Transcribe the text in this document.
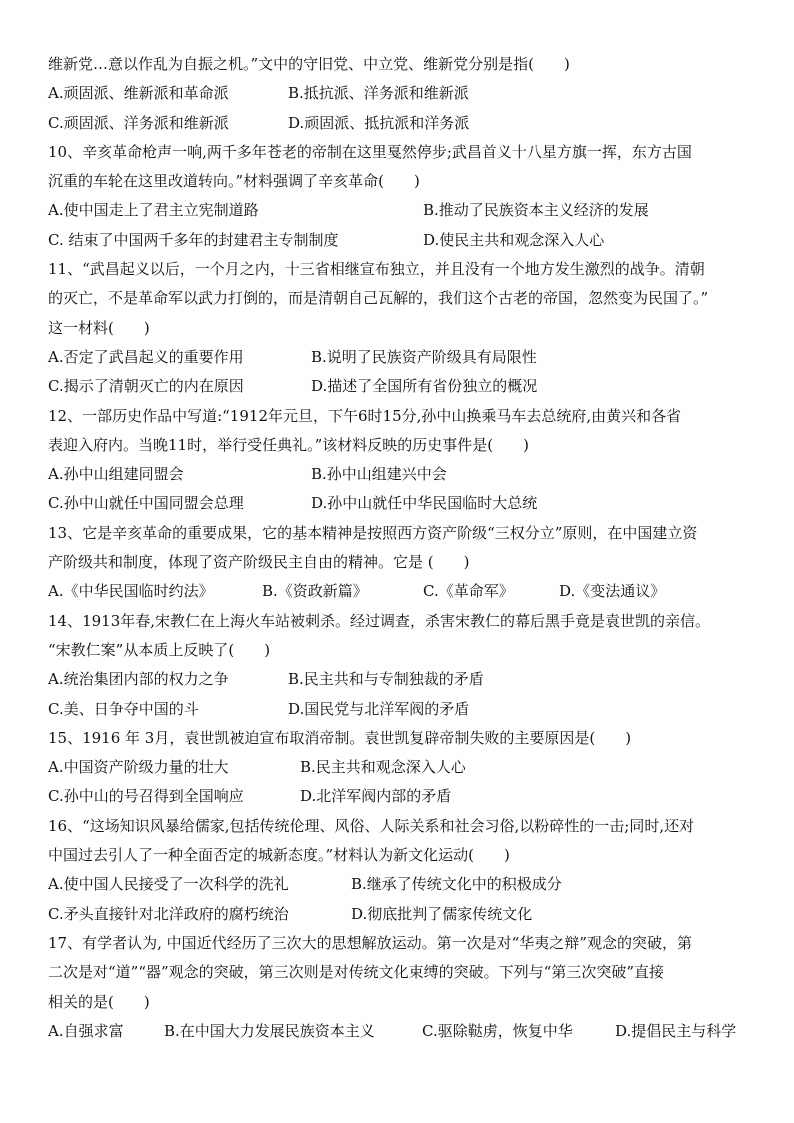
维新党…意以作乱为自振之机。”文中的守旧党、中立党、维新党分别是指(　　)
A.顽固派、维新派和革命派	B.抵抗派、洋务派和维新派
C.顽固派、洋务派和维新派	D.顽固派、抵抗派和洋务派
10、辛亥革命枪声一响,两千多年苍老的帝制在这里戛然停步;武昌首义十八星方旗一挥，东方古国
沉重的车轮在这里改道转向。”材料强调了辛亥革命(　　)
A.使中国走上了君主立宪制道路	B.推动了民族资本主义经济的发展
C. 结束了中国两千多年的封建君主专制制度	D.使民主共和观念深入人心
11、“武昌起义以后，一个月之内，十三省相继宣布独立，并且没有一个地方发生激烈的战争。清朝
的灭亡，不是革命军以武力打倒的，而是清朝自己瓦解的，我们这个古老的帝国，忽然变为民国了。”
这一材料(　　)
A.否定了武昌起义的重要作用	B.说明了民族资产阶级具有局限性
C.揭示了清朝灭亡的内在原因	D.描述了全国所有省份独立的概况
12、一部历史作品中写道:“1912年元旦，下午6时15分,孙中山换乘马车去总统府,由黄兴和各省
表迎入府内。当晚11时，举行受任典礼。”该材料反映的历史事件是(　　)
A.孙中山组建同盟会	B.孙中山组建兴中会
C.孙中山就任中国同盟会总理	D.孙中山就任中华民国临时大总统
13、它是辛亥革命的重要成果，它的基本精神是按照西方资产阶级“三权分立”原则，在中国建立资
产阶级共和制度，体现了资产阶级民主自由的精神。它是 (　　)
A.《中华民国临时约法》	B.《资政新篇》	C.《革命军》	D.《变法通议》
14、1913年春,宋教仁在上海火车站被刺杀。经过调查，杀害宋教仁的幕后黑手竟是袁世凯的亲信。
“宋教仁案”从本质上反映了(　　)
A.统治集团内部的权力之争	B.民主共和与专制独裁的矛盾
C.美、日争夺中国的斗	D.国民党与北洋军阀的矛盾
15、1916 年 3月，袁世凯被迫宣布取消帝制。袁世凯复辟帝制失败的主要原因是(　　)
A.中国资产阶级力量的壮大	B.民主共和观念深入人心
C.孙中山的号召得到全国响应	D.北洋军阀内部的矛盾
16、“这场知识风暴给儒家,包括传统伦理、风俗、人际关系和社会习俗,以粉碎性的一击;同时,还对
中国过去引人了一种全面否定的城新态度。”材料认为新文化运动(　　)
A.使中国人民接受了一次科学的洗礼	B.继承了传统文化中的积极成分
C.矛头直接针对北洋政府的腐朽统治	D.彻底批判了儒家传统文化
17、有学者认为, 中国近代经历了三次大的思想解放运动。第一次是对“华夷之辩”观念的突破，第
二次是对“道”“器”观念的突破，第三次则是对传统文化束缚的突破。下列与“第三次突破”直接
相关的是(　　)
A.自强求富	B.在中国大力发展民族资本主义	C.驱除鞑虏，恢复中华	D.提倡民主与科学
